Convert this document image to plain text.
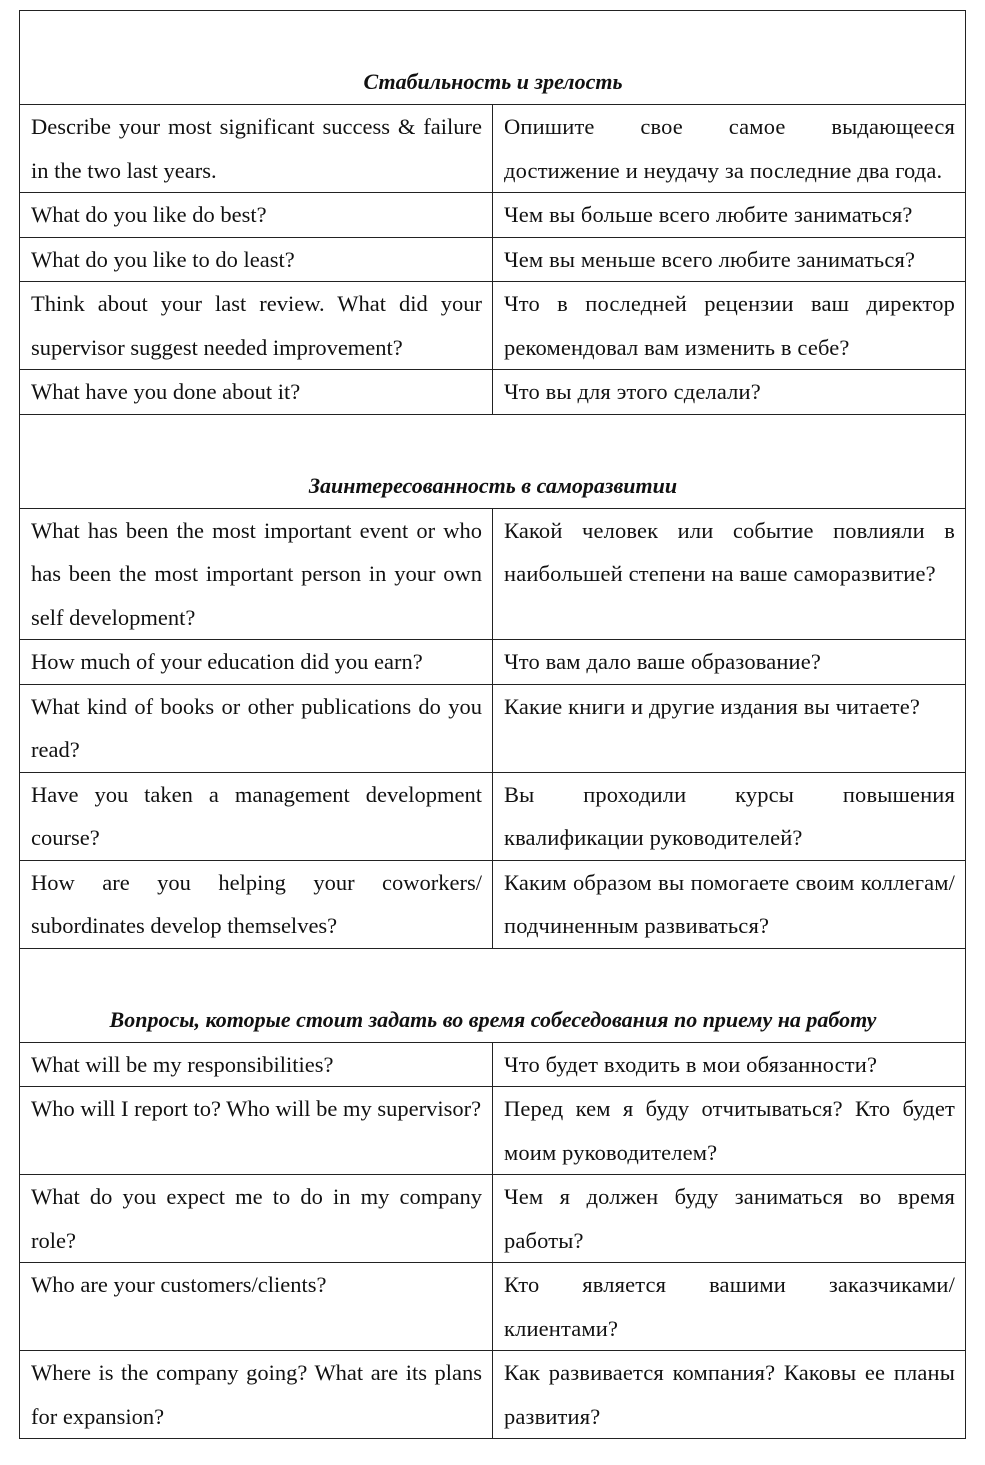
Стабильность и зрелость	
Describe your most significant success & failure in the two last years.	Опишите свое самое выдающееся достижение и неудачу за последние два года.
What do you like do best?	Чем вы больше всего любите заниматься?
What do you like to do least?	Чем вы меньше всего любите заниматься?
Think about your last review. What did your supervisor suggest needed improvement?	Что в последней рецензии ваш директор рекомендовал вам изменить в себе?
What have you done about it?	Что вы для этого сделали?
Заинтересованность в саморазвитии	
What has been the most important event or who has been the most important person in your own self development?	Какой человек или событие повлияли в наибольшей степени на ваше саморазвитие?
How much of your education did you earn?	Что вам дало ваше образование?
What kind of books or other publications do you read?	Какие книги и другие издания вы читаете?
Have you taken a management development course?	Вы проходили курсы повышения квалификации руководителей?
How are you helping your coworkers/ subordinates develop themselves?	Каким образом вы помогаете своим коллегам/ подчиненным развиваться?
Вопросы, которые стоит задать во время собеседования по приему на работу	
What will be my responsibilities?	Что будет входить в мои обязанности?
Who will I report to? Who will be my supervisor?	Перед кем я буду отчитываться? Кто будет моим руководителем?
What do you expect me to do in my company role?	Чем я должен буду заниматься во время работы?
Who are your customers/clients?	Кто является вашими заказчиками/ клиентами?
Where is the company going? What are its plans for expansion?	Как развивается компания? Каковы ее планы развития?
